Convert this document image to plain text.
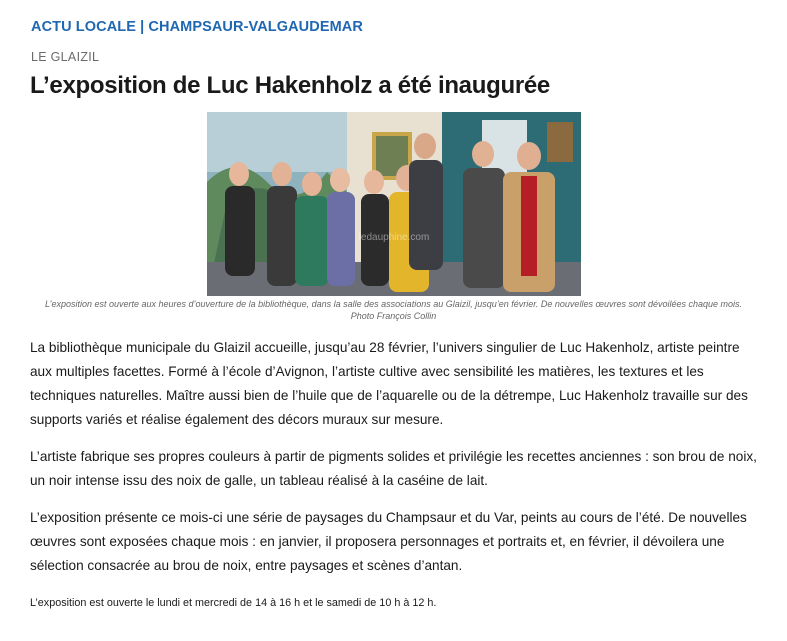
ACTU LOCALE | CHAMPSAUR-VALGAUDEMAR
LE GLAIZIL
L’exposition de Luc Hakenholz a été inaugurée
ledauphine.com
L’exposition est ouverte aux heures d’ouverture de la bibliothèque, dans la salle des associations au Glaizil, jusqu’en février. De nouvelles œuvres sont dévoilées chaque mois.
Photo François Collin

La bibliothèque municipale du Glaizil accueille, jusqu’au 28 février, l’univers singulier de Luc Hakenholz, artiste peintre aux multiples facettes. Formé à l’école d’Avignon, l’artiste cultive avec sensibilité les matières, les textures et les techniques naturelles. Maître aussi bien de l’huile que de l’aquarelle ou de la détrempe, Luc Hakenholz travaille sur des supports variés et réalise également des décors muraux sur mesure.

L’artiste fabrique ses propres couleurs à partir de pigments solides et privilégie les recettes anciennes : son brou de noix, un noir intense issu des noix de galle, un tableau réalisé à la caséine de lait.

L’exposition présente ce mois-ci une série de paysages du Champsaur et du Var, peints au cours de l’été. De nouvelles œuvres sont exposées chaque mois : en janvier, il proposera personnages et portraits et, en février, il dévoilera une sélection consacrée au brou de noix, entre paysages et scènes d’antan.

L’exposition est ouverte le lundi et mercredi de 14 à 16 h et le samedi de 10 h à 12 h.
